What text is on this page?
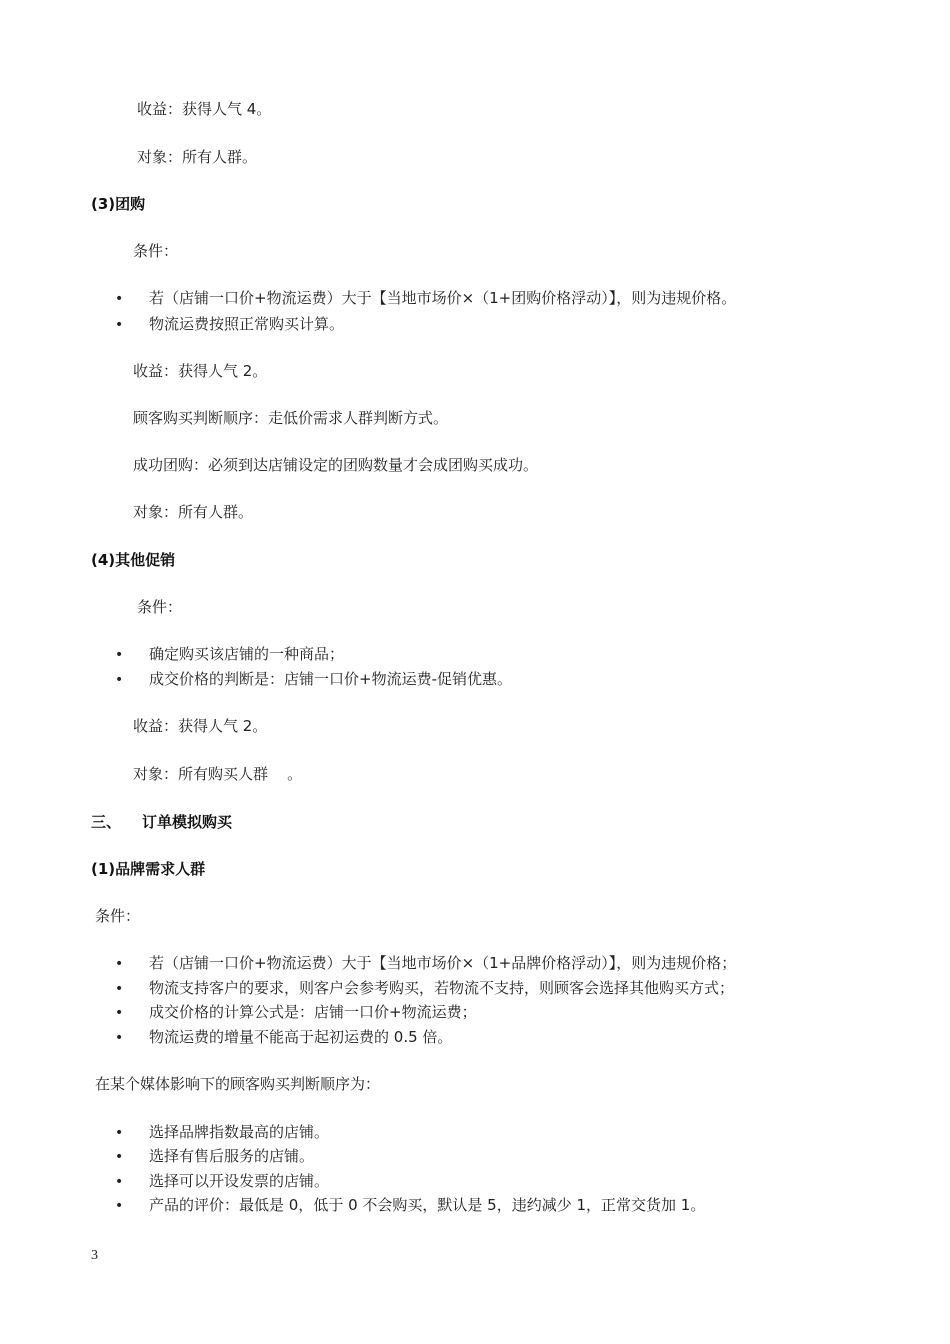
收益：获得人气 4。
对象：所有人群。
(3)团购
条件：
• 若（店铺一口价+物流运费）大于【当地市场价×（1+团购价格浮动）】，则为违规价格。
• 物流运费按照正常购买计算。
收益：获得人气 2。
顾客购买判断顺序：走低价需求人群判断方式。
成功团购：必须到达店铺设定的团购数量才会成团购买成功。
对象：所有人群。
(4)其他促销
条件：
• 确定购买该店铺的一种商品；
• 成交价格的判断是：店铺一口价+物流运费-促销优惠。
收益：获得人气 2。
对象：所有购买人群    。
三、 订单模拟购买
(1)品牌需求人群
条件：
• 若（店铺一口价+物流运费）大于【当地市场价×（1+品牌价格浮动）】，则为违规价格；
• 物流支持客户的要求，则客户会参考购买，若物流不支持，则顾客会选择其他购买方式；
• 成交价格的计算公式是：店铺一口价+物流运费；
• 物流运费的增量不能高于起初运费的 0.5 倍。
在某个媒体影响下的顾客购买判断顺序为：
• 选择品牌指数最高的店铺。
• 选择有售后服务的店铺。
• 选择可以开设发票的店铺。
• 产品的评价：最低是 0，低于 0 不会购买，默认是 5，违约减少 1，正常交货加 1。
3
